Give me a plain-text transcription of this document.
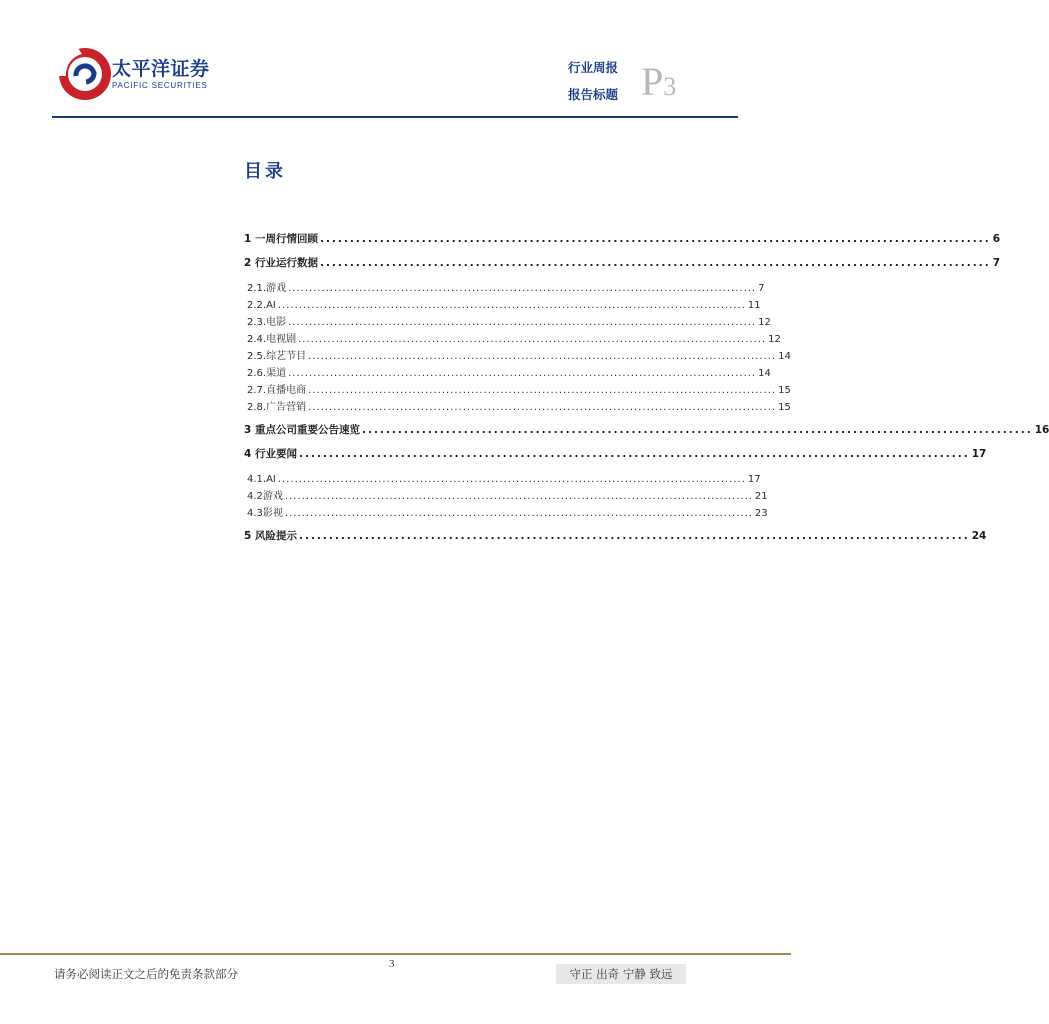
太平洋证券
PACIFIC SECURITIES
行业周报
报告标题 P3
目录
1 一周行情回顾 ................................................................................................................ 6
2 行业运行数据 ................................................................................................................ 7
2.1.游戏 ................................................................................................................ 7
2.2.AI ................................................................................................................ 11
2.3.电影 ................................................................................................................ 12
2.4.电视剧 ................................................................................................................ 12
2.5.综艺节目 ................................................................................................................ 14
2.6.渠道 ................................................................................................................ 14
2.7.直播电商 ................................................................................................................ 15
2.8.广告营销 ................................................................................................................ 15
3 重点公司重要公告速览 ................................................................................................................ 16
4 行业要闻 ................................................................................................................ 17
4.1.AI ................................................................................................................ 17
4.2游戏 ................................................................................................................ 21
4.3影视 ................................................................................................................ 23
5 风险提示 ................................................................................................................ 24
3
请务必阅读正文之后的免责条款部分	守正 出奇 宁静 致远
